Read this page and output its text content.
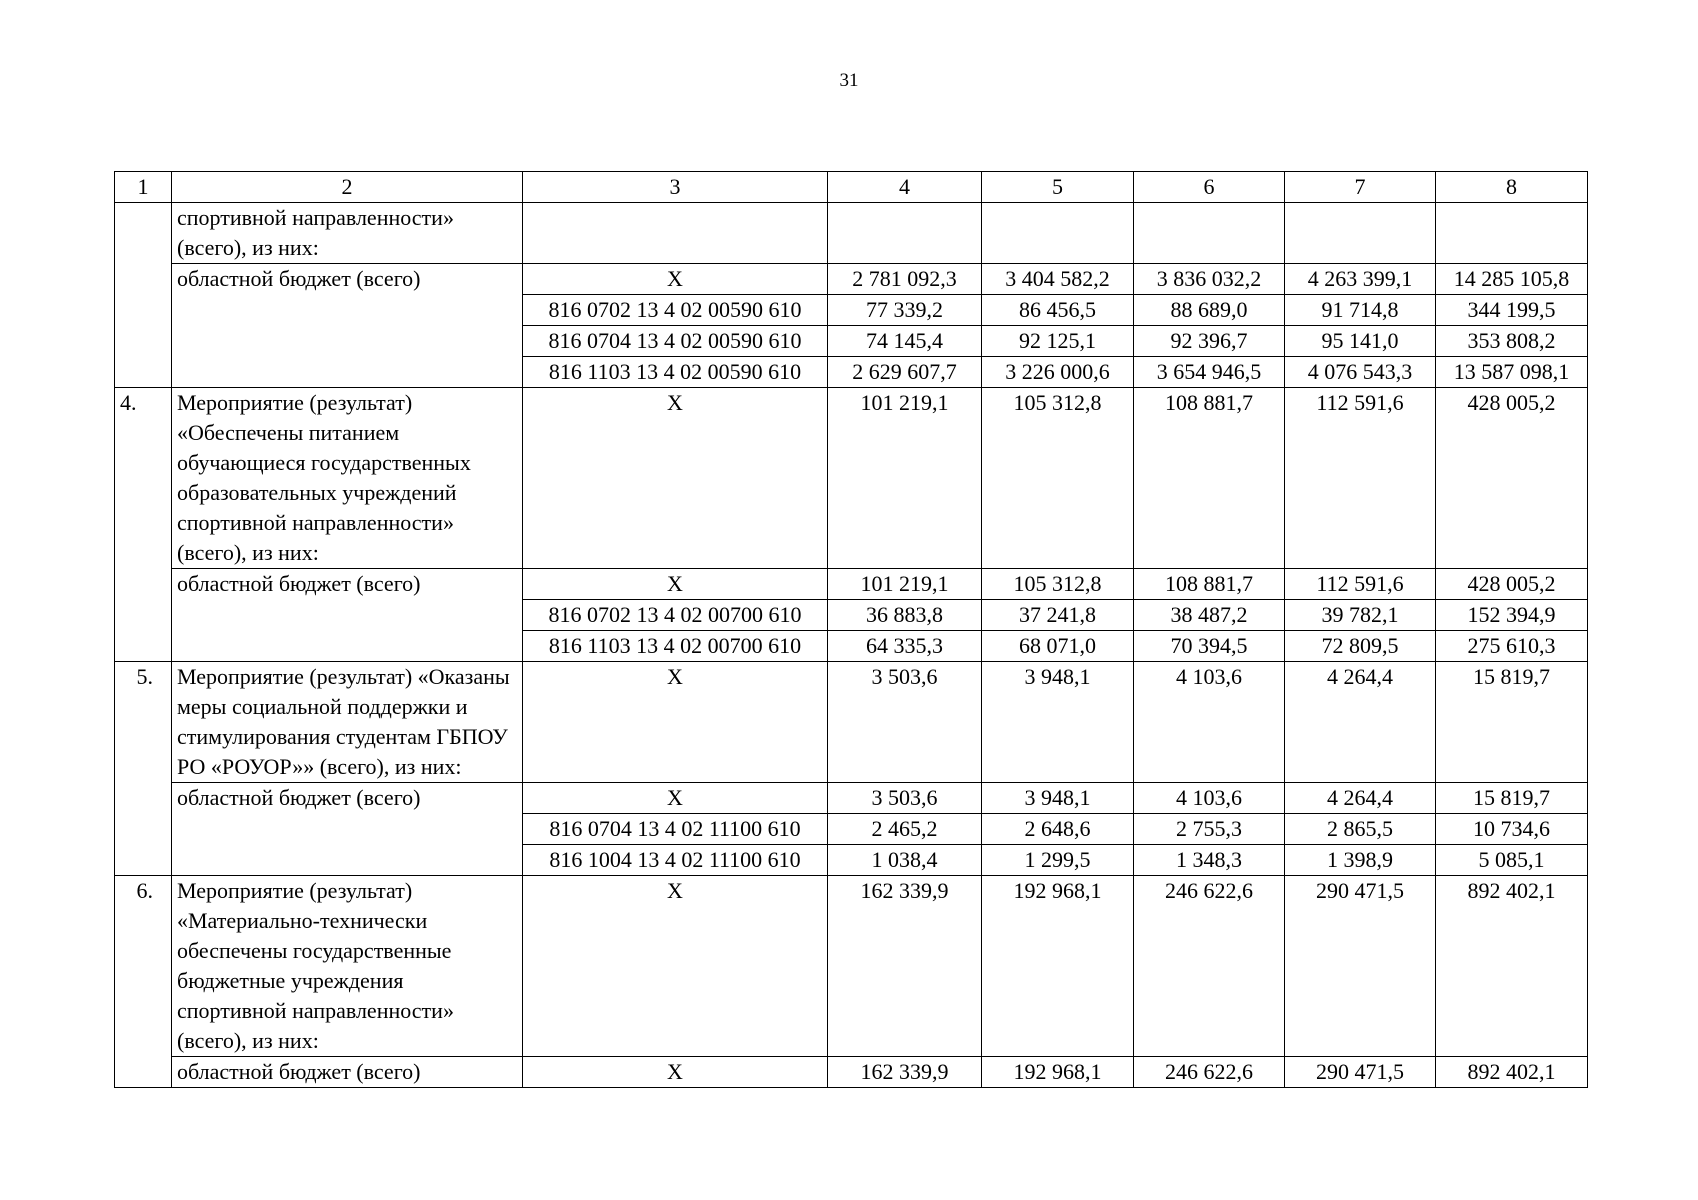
31
1	2	3	4	5	6	7	8
	спортивной направленности» (всего), из них:						
	областной бюджет (всего)	Х	2 781 092,3	3 404 582,2	3 836 032,2	4 263 399,1	14 285 105,8
		816 0702 13 4 02 00590 610	77 339,2	86 456,5	88 689,0	91 714,8	344 199,5
		816 0704 13 4 02 00590 610	74 145,4	92 125,1	92 396,7	95 141,0	353 808,2
		816 1103 13 4 02 00590 610	2 629 607,7	3 226 000,6	3 654 946,5	4 076 543,3	13 587 098,1
4.	Мероприятие (результат) «Обеспечены питанием обучающиеся государственных образовательных учреждений спортивной направленности» (всего), из них:	Х	101 219,1	105 312,8	108 881,7	112 591,6	428 005,2
	областной бюджет (всего)	Х	101 219,1	105 312,8	108 881,7	112 591,6	428 005,2
		816 0702 13 4 02 00700 610	36 883,8	37 241,8	38 487,2	39 782,1	152 394,9
		816 1103 13 4 02 00700 610	64 335,3	68 071,0	70 394,5	72 809,5	275 610,3
5.	Мероприятие (результат) «Оказаны меры социальной поддержки и стимулирования студентам ГБПОУ РО «РОУОР»» (всего), из них:	Х	3 503,6	3 948,1	4 103,6	4 264,4	15 819,7
	областной бюджет (всего)	Х	3 503,6	3 948,1	4 103,6	4 264,4	15 819,7
		816 0704 13 4 02 11100 610	2 465,2	2 648,6	2 755,3	2 865,5	10 734,6
		816 1004 13 4 02 11100 610	1 038,4	1 299,5	1 348,3	1 398,9	5 085,1
6.	Мероприятие (результат) «Материально-технически обеспечены государственные бюджетные учреждения спортивной направленности» (всего), из них:	Х	162 339,9	192 968,1	246 622,6	290 471,5	892 402,1
	областной бюджет (всего)	Х	162 339,9	192 968,1	246 622,6	290 471,5	892 402,1
